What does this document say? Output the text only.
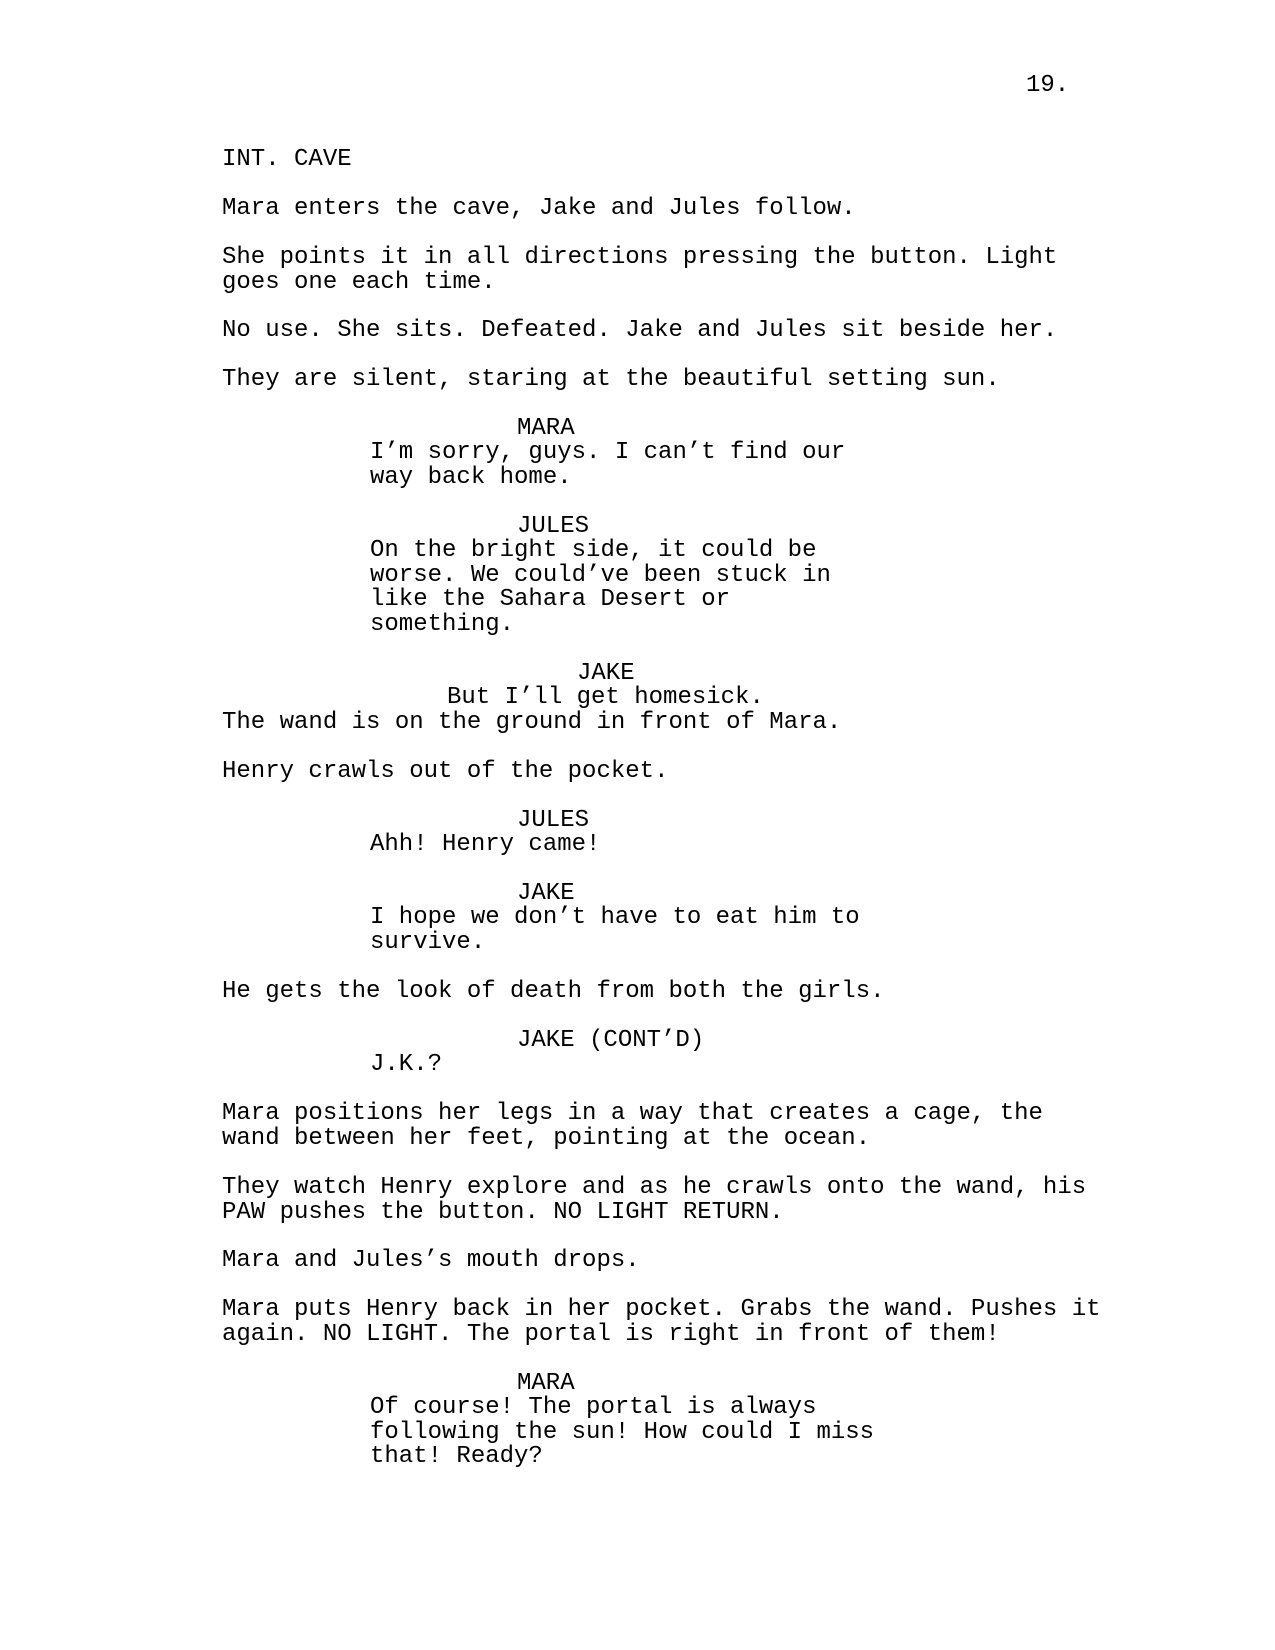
19.
INT. CAVE
Mara enters the cave, Jake and Jules follow.
She points it in all directions pressing the button. Light
goes one each time.
No use. She sits. Defeated. Jake and Jules sit beside her.
They are silent, staring at the beautiful setting sun.
MARA
I’m sorry, guys. I can’t find our
way back home.
JULES
On the bright side, it could be
worse. We could’ve been stuck in
like the Sahara Desert or
something.
JAKE
But I’ll get homesick.
The wand is on the ground in front of Mara.
Henry crawls out of the pocket.
JULES
Ahh! Henry came!
JAKE
I hope we don’t have to eat him to
survive.
He gets the look of death from both the girls.
JAKE (CONT’D)
J.K.?
Mara positions her legs in a way that creates a cage, the
wand between her feet, pointing at the ocean.
They watch Henry explore and as he crawls onto the wand, his
PAW pushes the button. NO LIGHT RETURN.
Mara and Jules’s mouth drops.
Mara puts Henry back in her pocket. Grabs the wand. Pushes it
again. NO LIGHT. The portal is right in front of them!
MARA
Of course! The portal is always
following the sun! How could I miss
that! Ready?
